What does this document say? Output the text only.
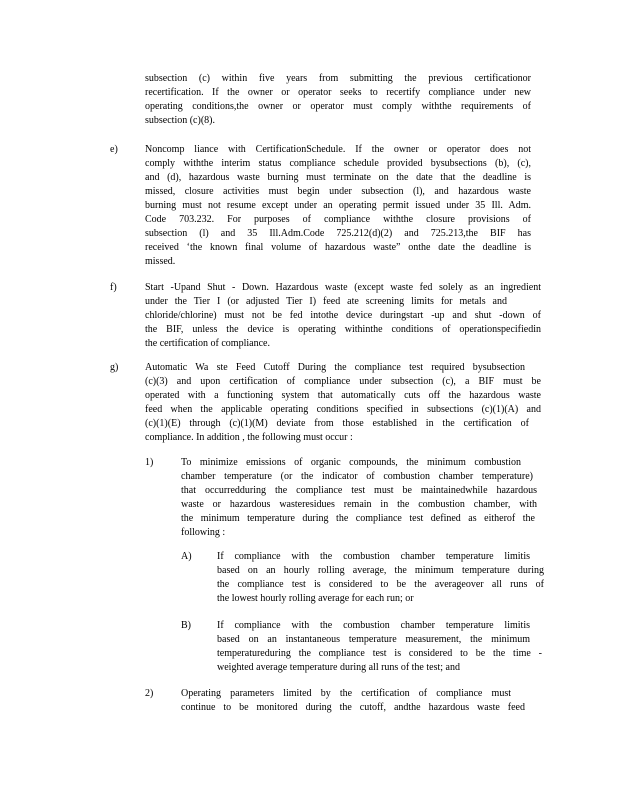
subsection (c) within five years from submitting the previous certificationor
recertification. If the owner or operator seeks to recertify compliance under new
operating conditions,the owner or operator must comply withthe requirements of
subsection (c)(8).
e)	Noncomp liance with CertificationSchedule. If the owner or operator does not
comply withthe interim status compliance schedule provided bysubsections (b), (c),
and (d), hazardous waste burning must terminate on the date that the deadline is
missed, closure activities must begin under subsection (l), and hazardous waste
burning must not resume except under an operating permit issued under 35 Ill. Adm.
Code 703.232. For purposes of compliance withthe closure provisions of
subsection (l) and 35 Ill.Adm.Code 725.212(d)(2) and 725.213,the BIF has
received ‘the known final volume of hazardous waste” onthe date the deadline is
missed.
f)	Start -Upand Shut - Down. Hazardous waste (except waste fed solely as an ingredient
under the Tier I (or adjusted Tier I) feed ate screening limits for metals and
chloride/chlorine) must not be fed intothe device duringstart -up and shut -down of
the BIF, unless the device is operating withinthe conditions of operationspecifiedin
the certification of compliance.
g)	Automatic Wa ste Feed Cutoff During the compliance test required bysubsection
(c)(3) and upon certification of compliance under subsection (c), a BIF must be
operated with a functioning system that automatically cuts off the hazardous waste
feed when the applicable operating conditions specified in subsections (c)(1)(A) and
(c)(1)(E) through (c)(1)(M) deviate from those established in the certification of
compliance. In addition , the following must occur :
1)	To minimize emissions of organic compounds, the minimum combustion
chamber temperature (or the indicator of combustion chamber temperature)
that occurredduring the compliance test must be maintainedwhile hazardous
waste or hazardous wasteresidues remain in the combustion chamber, with
the minimum temperature during the compliance test defined as eitherof the
following :
A)	If compliance with the combustion chamber temperature limitis
based on an hourly rolling average, the minimum temperature during
the compliance test is considered to be the averageover all runs of
the lowest hourly rolling average for each run; or
B)	If compliance with the combustion chamber temperature limitis
based on an instantaneous temperature measurement, the minimum
temperatureduring the compliance test is considered to be the time -
weighted average temperature during all runs of the test; and
2)	Operating parameters limited by the certification of compliance must
continue to be monitored during the cutoff, andthe hazardous waste feed
